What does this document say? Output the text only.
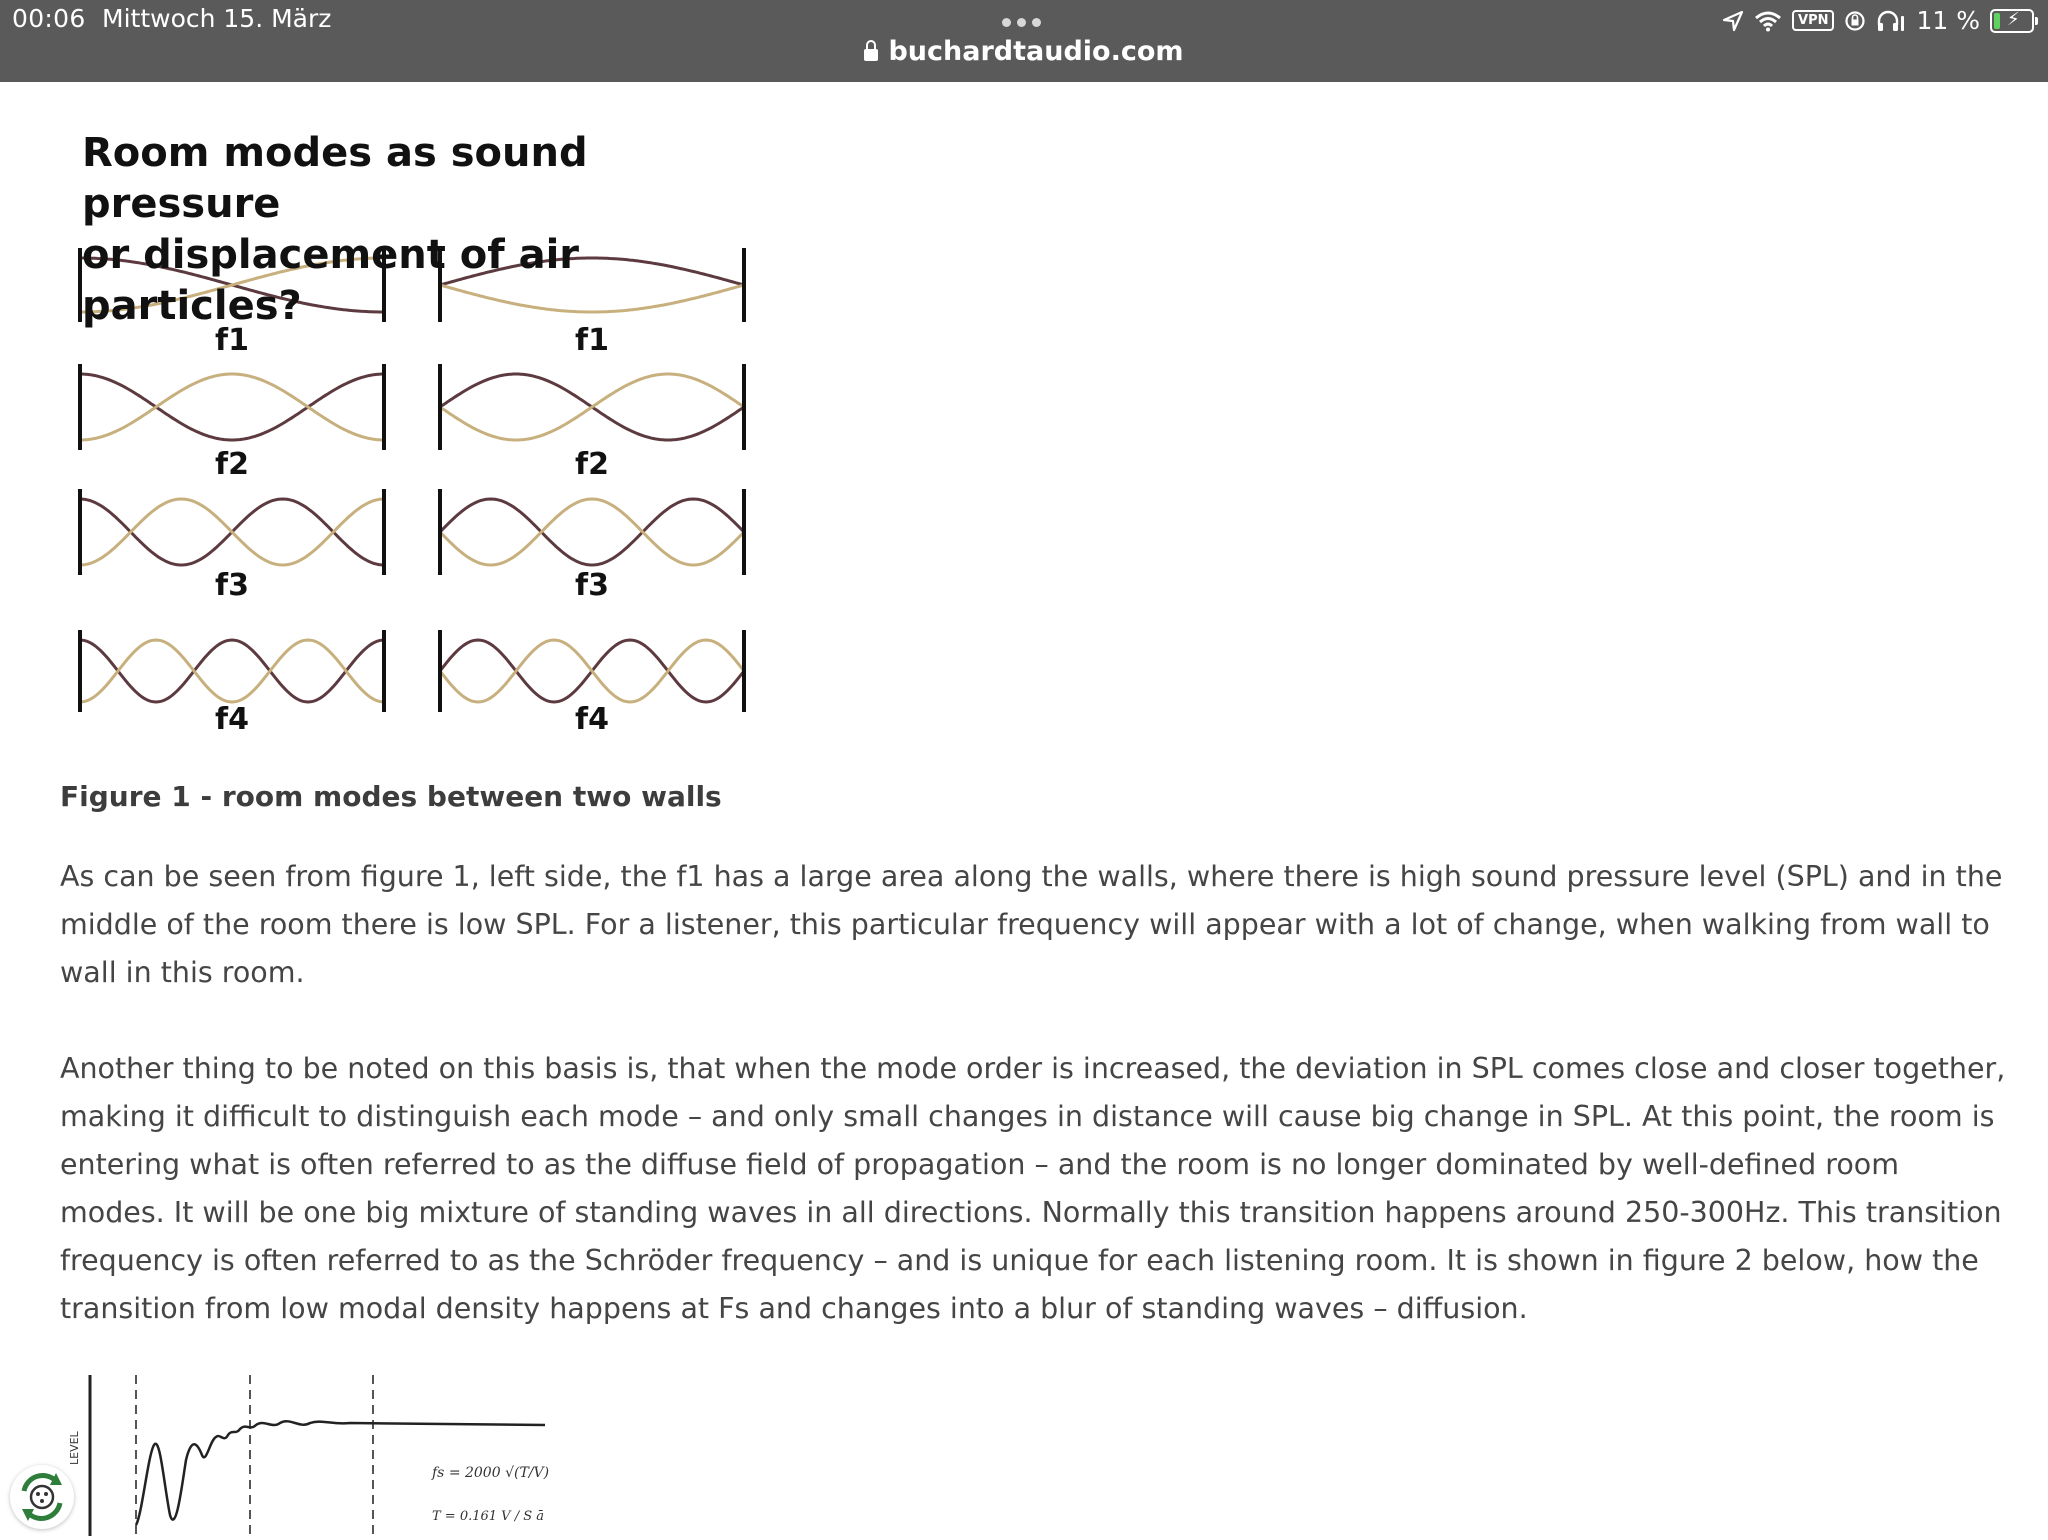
00:06 Mittwoch 15. März
buchardtaudio.com
VPN	11 % ⚡
f1
f2
f3
f4
f1
f2
f3
f4
Room modes as sound pressure
or displacement of air particles?
Figure 1 - room modes between two walls

As can be seen from figure 1, left side, the f1 has a large area along the walls, where there is high sound pressure level (SPL) and in the middle of the room there is low SPL. For a listener, this particular frequency will appear with a lot of change, when walking from wall to wall in this room.

Another thing to be noted on this basis is, that when the mode order is increased, the deviation in SPL comes close and closer together, making it difficult to distinguish each mode – and only small changes in distance will cause big change in SPL. At this point, the room is entering what is often referred to as the diffuse field of propagation – and the room is no longer dominated by well-defined room modes. It will be one big mixture of standing waves in all directions. Normally this transition happens around 250-300Hz. This transition frequency is often referred to as the Schröder frequency – and is unique for each listening room. It is shown in figure 2 below, how the transition from low modal density happens at Fs and changes into a blur of standing waves – diffusion.

LEVEL
fs = 2000 √(T/V)
T = 0.161 V / S ā
